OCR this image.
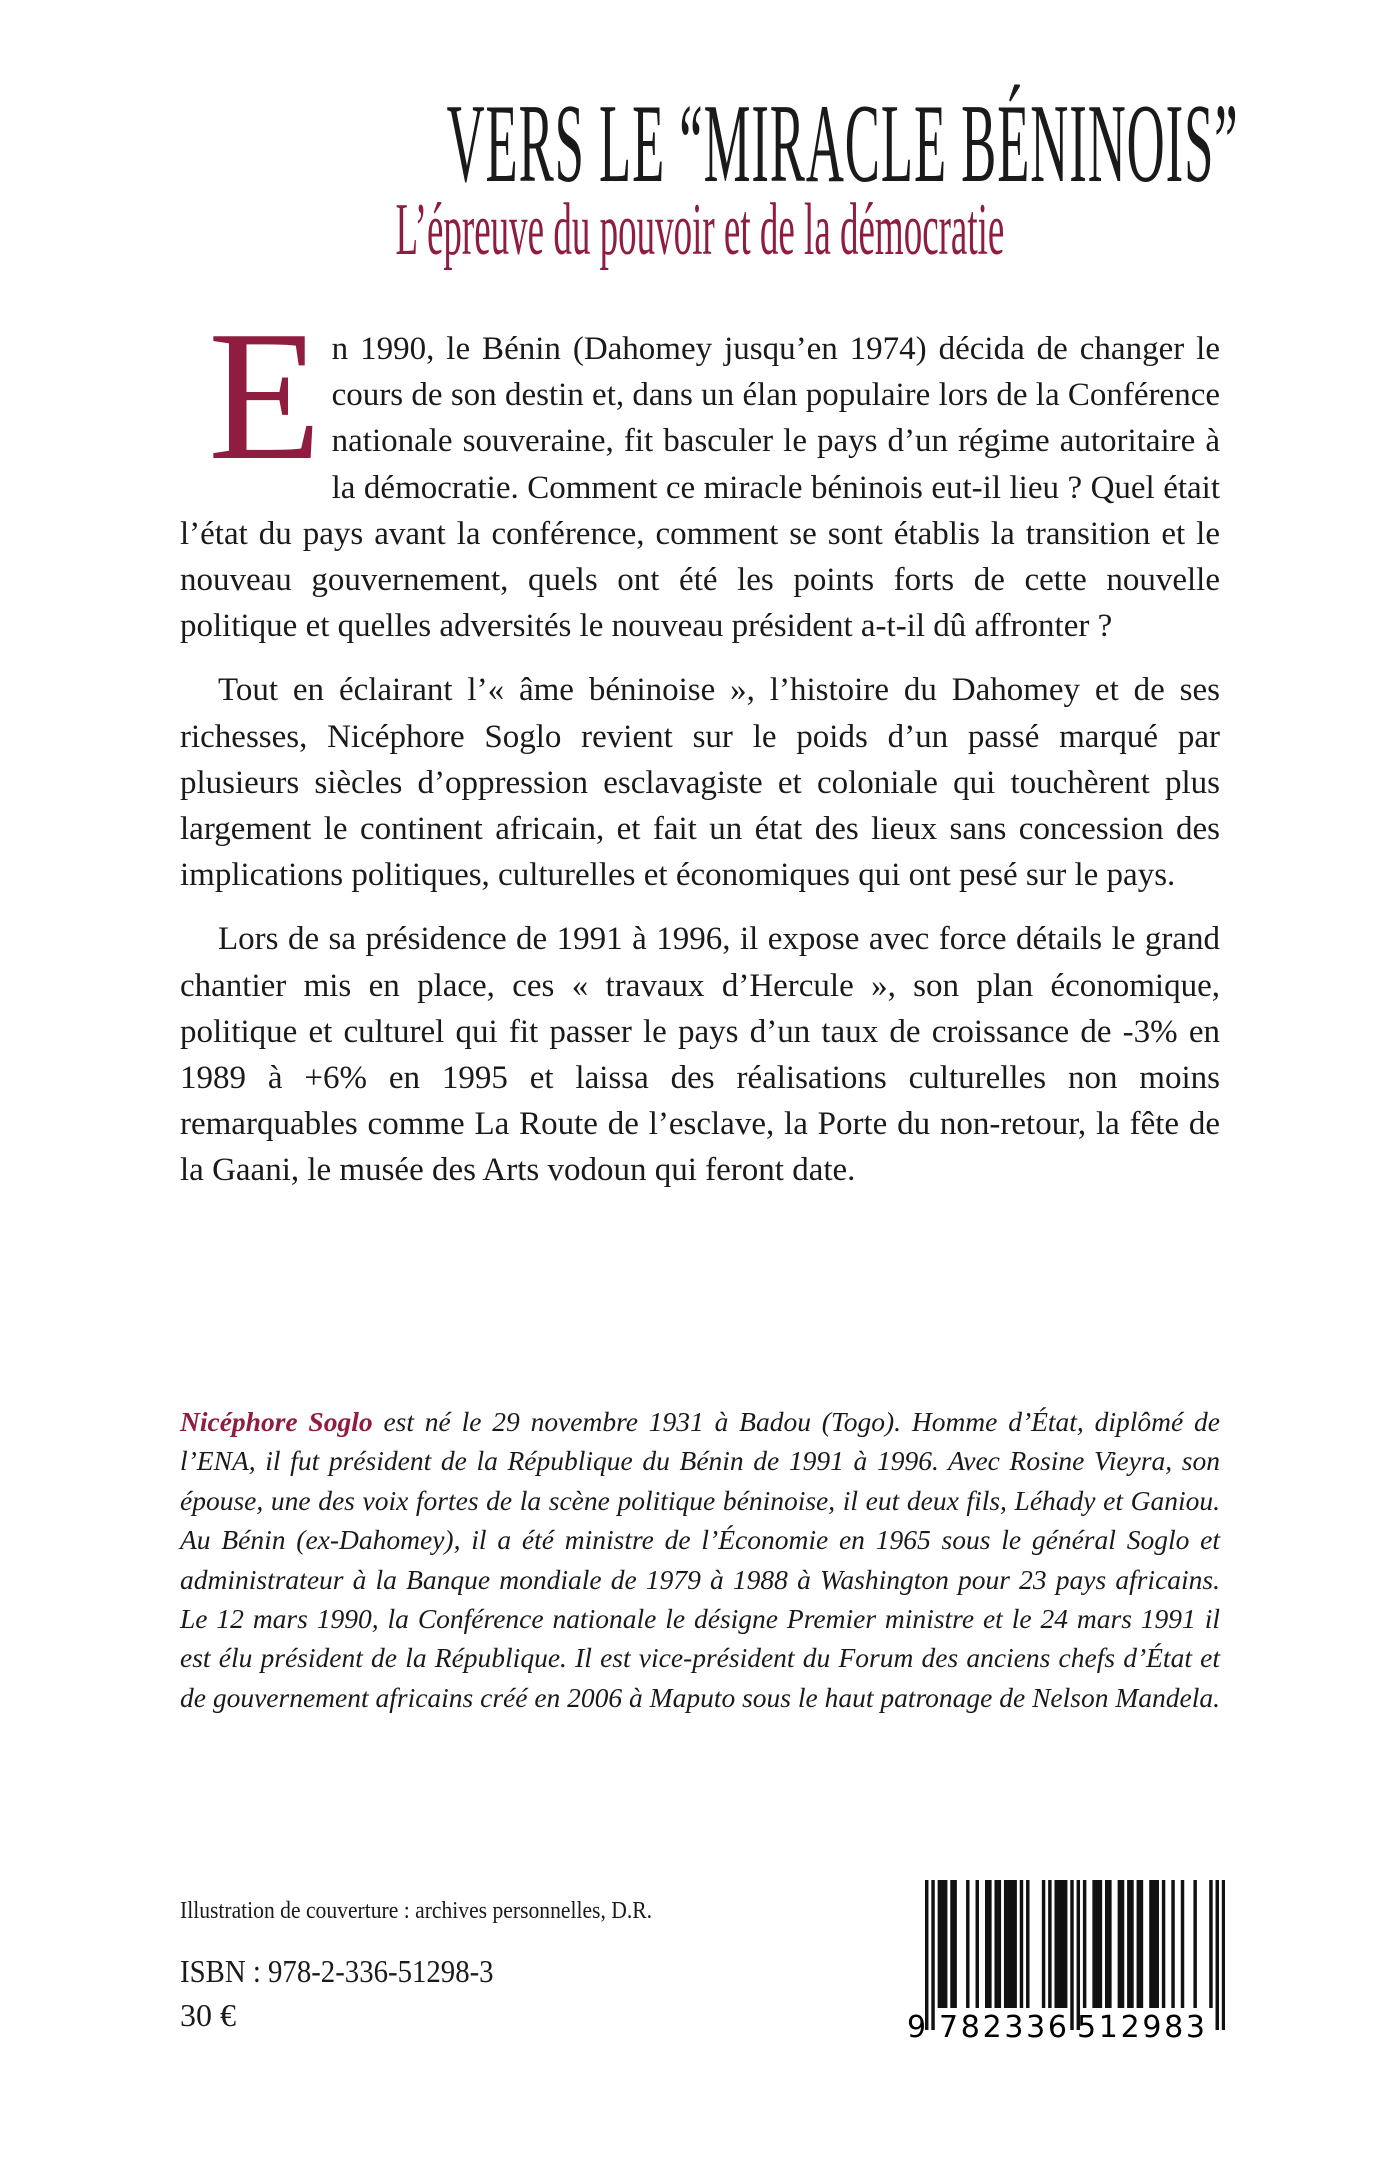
VERS LE “MIRACLE BÉNINOIS”
L’épreuve du pouvoir et de la démocratie

En 1990, le Bénin (Dahomey jusqu’en 1974) décida de changer le cours de son destin et, dans un élan populaire lors de la Conférence nationale souveraine, fit basculer le pays d’un régime autoritaire à la démocratie. Comment ce miracle béninois eut-il lieu ? Quel était l’état du pays avant la conférence, comment se sont établis la transition et le nouveau gouvernement, quels ont été les points forts de cette nouvelle politique et quelles adversités le nouveau président a-t-il dû affronter ?

Tout en éclairant l’« âme béninoise », l’histoire du Dahomey et de ses richesses, Nicéphore Soglo revient sur le poids d’un passé marqué par plusieurs siècles d’oppression esclavagiste et coloniale qui touchèrent plus largement le continent africain, et fait un état des lieux sans concession des implications politiques, culturelles et économiques qui ont pesé sur le pays.

Lors de sa présidence de 1991 à 1996, il expose avec force détails le grand chantier mis en place, ces « travaux d’Hercule », son plan économique, politique et culturel qui fit passer le pays d’un taux de croissance de -3% en 1989 à +6% en 1995 et laissa des réalisations culturelles non moins remarquables comme La Route de l’esclave, la Porte du non-retour, la fête de la Gaani, le musée des Arts vodoun qui feront date.

Nicéphore Soglo est né le 29 novembre 1931 à Badou (Togo). Homme d’État, diplômé de l’ENA, il fut président de la République du Bénin de 1991 à 1996. Avec Rosine Vieyra, son épouse, une des voix fortes de la scène politique béninoise, il eut deux fils, Léhady et Ganiou. Au Bénin (ex-Dahomey), il a été ministre de l’Économie en 1965 sous le général Soglo et administrateur à la Banque mondiale de 1979 à 1988 à Washington pour 23 pays africains. Le 12 mars 1990, la Conférence nationale le désigne Premier ministre et le 24 mars 1991 il est élu président de la République. Il est vice-président du Forum des anciens chefs d’État et de gouvernement africains créé en 2006 à Maputo sous le haut patronage de Nelson Mandela.
Illustration de couverture : archives personnelles, D.R.
ISBN : 978-2-336-51298-3
30 €	9 782336 512983
